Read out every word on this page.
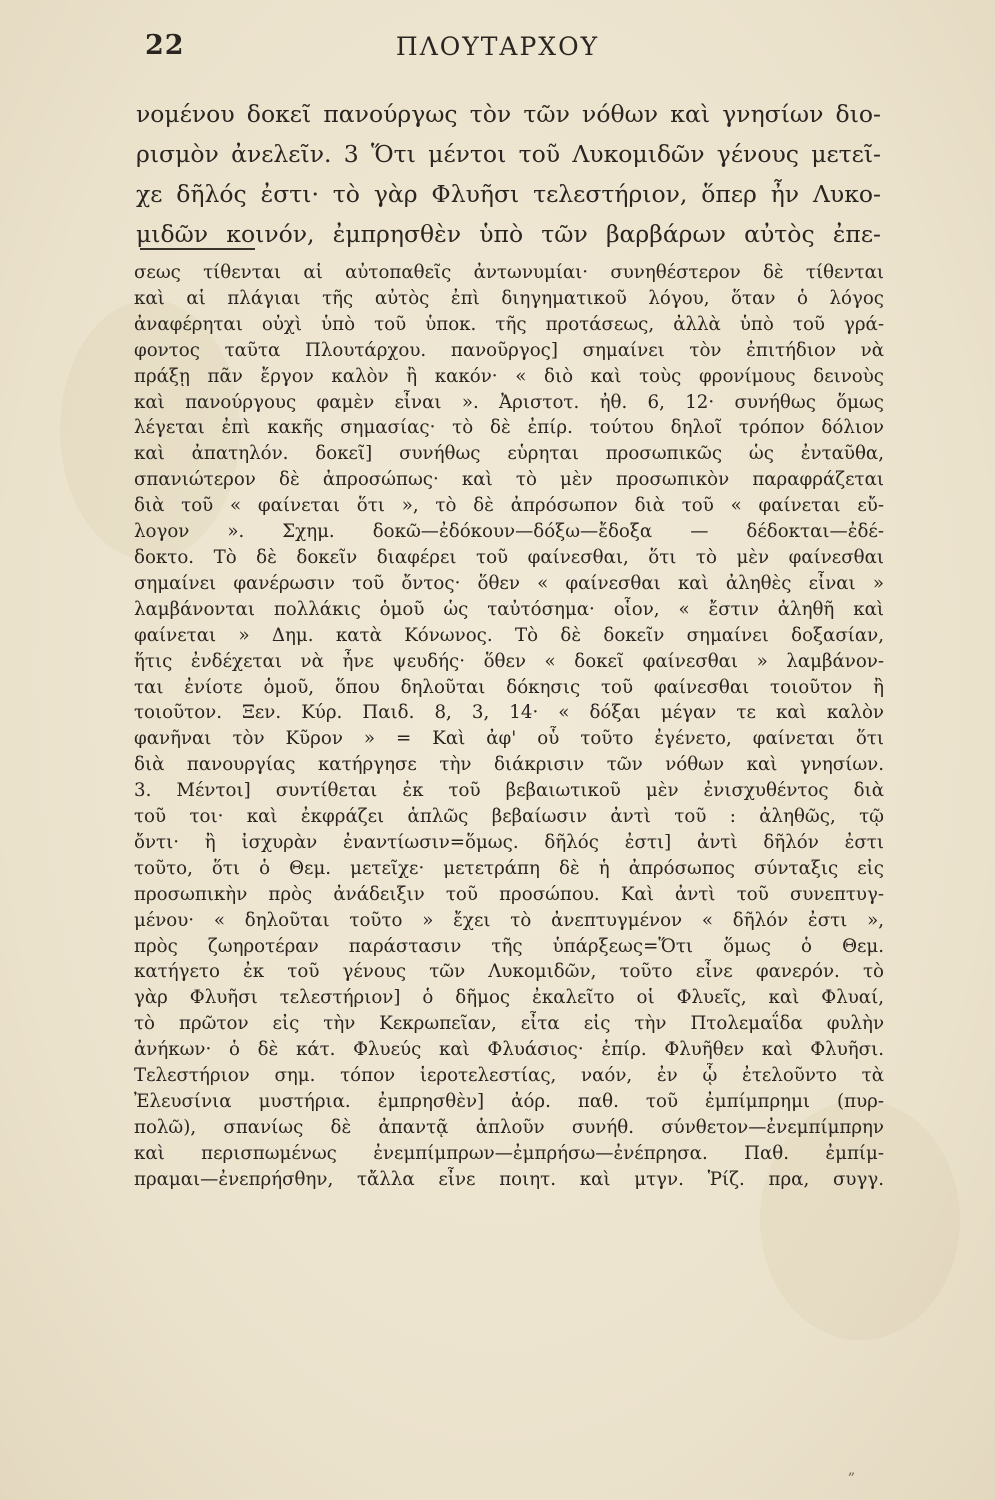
22	ΠΛΟΥΤΑΡΧΟΥ
νομένου δοκεῖ πανούργως τὸν τῶν νόθων καὶ γνησίων διο-
ρισμὸν ἀνελεῖν. 3 Ὅτι μέντοι τοῦ Λυκομιδῶν γένους μετεῖ-
χε δῆλός ἐστι· τὸ γὰρ Φλυῆσι τελεστήριον, ὅπερ ἦν Λυκο-
μιδῶν κοινόν, ἐμπρησθὲν ὑπὸ τῶν βαρβάρων αὐτὸς ἐπε-
σεως τίθενται αἱ αὐτοπαθεῖς ἀντωνυμίαι· συνηθέστερον δὲ τίθενται
καὶ αἱ πλάγιαι τῆς αὐτὸς ἐπὶ διηγηματικοῦ λόγου, ὅταν ὁ λόγος
ἀναφέρηται οὐχὶ ὑπὸ τοῦ ὑποκ. τῆς προτάσεως, ἀλλὰ ὑπὸ τοῦ γρά-
φοντος ταῦτα Πλουτάρχου. πανοῦργος] σημαίνει τὸν ἐπιτήδιον νὰ
πράξῃ πᾶν ἔργον καλὸν ἢ κακόν· « διὸ καὶ τοὺς φρονίμους δεινοὺς
καὶ πανούργους φαμὲν εἶναι ». Ἀριστοτ. ἠθ. 6, 12· συνήθως ὅμως
λέγεται ἐπὶ κακῆς σημασίας· τὸ δὲ ἐπίρ. τούτου δηλοῖ τρόπον δόλιον
καὶ ἀπατηλόν. δοκεῖ] συνήθως εὑρηται προσωπικῶς ὡς ἐνταῦθα,
σπανιώτερον δὲ ἀπροσώπως· καὶ τὸ μὲν προσωπικὸν παραφράζεται
διὰ τοῦ « φαίνεται ὅτι », τὸ δὲ ἀπρόσωπον διὰ τοῦ « φαίνεται εὔ-
λογον ». Σχημ. δοκῶ—ἐδόκουν—δόξω—ἔδοξα — δέδοκται—ἐδέ-
δοκτο. Τὸ δὲ δοκεῖν διαφέρει τοῦ φαίνεσθαι, ὅτι τὸ μὲν φαίνεσθαι
σημαίνει φανέρωσιν τοῦ ὄντος· ὅθεν « φαίνεσθαι καὶ ἀληθὲς εἶναι »
λαμβάνονται πολλάκις ὁμοῦ ὡς ταὐτόσημα· οἷον, « ἔστιν ἀληθῆ καὶ
φαίνεται » Δημ. κατὰ Κόνωνος. Τὸ δὲ δοκεῖν σημαίνει δοξασίαν,
ἥτις ἐνδέχεται νὰ ἦνε ψευδής· ὅθεν « δοκεῖ φαίνεσθαι » λαμβάνον-
ται ἐνίοτε ὁμοῦ, ὅπου δηλοῦται δόκησις τοῦ φαίνεσθαι τοιοῦτον ἢ
τοιοῦτον. Ξεν. Κύρ. Παιδ. 8, 3, 14· « δόξαι μέγαν τε καὶ καλὸν
φανῆναι τὸν Κῦρον » = Καὶ ἀφ' οὗ τοῦτο ἐγένετο, φαίνεται ὅτι
διὰ πανουργίας κατήργησε τὴν διάκρισιν τῶν νόθων καὶ γνησίων.
3. Μέντοι] συντίθεται ἐκ τοῦ βεβαιωτικοῦ μὲν ἐνισχυθέντος διὰ
τοῦ τοι· καὶ ἐκφράζει ἁπλῶς βεβαίωσιν ἀντὶ τοῦ : ἀληθῶς, τῷ
ὄντι· ἢ ἰσχυρὰν ἐναντίωσιν=ὅμως. δῆλός ἐστι] ἀντὶ δῆλόν ἐστι
τοῦτο, ὅτι ὁ Θεμ. μετεῖχε· μετετράπη δὲ ἡ ἀπρόσωπος σύνταξις εἰς
προσωπικὴν πρὸς ἀνάδειξιν τοῦ προσώπου. Καὶ ἀντὶ τοῦ συνεπτυγ-
μένου· « δηλοῦται τοῦτο » ἔχει τὸ ἀνεπτυγμένον « δῆλόν ἐστι »,
πρὸς ζωηροτέραν παράστασιν τῆς ὑπάρξεως=Ὅτι ὅμως ὁ Θεμ.
κατήγετο ἐκ τοῦ γένους τῶν Λυκομιδῶν, τοῦτο εἶνε φανερόν. τὸ
γὰρ Φλυῆσι τελεστήριον] ὁ δῆμος ἐκαλεῖτο οἱ Φλυεῖς, καὶ Φλυαί,
τὸ πρῶτον εἰς τὴν Κεκρωπεῖαν, εἶτα εἰς τὴν Πτολεμαΐδα φυλὴν
ἀνήκων· ὁ δὲ κάτ. Φλυεύς καὶ Φλυάσιος· ἐπίρ. Φλυῆθεν καὶ Φλυῆσι.
Τελεστήριον σημ. τόπον ἱεροτελεστίας, ναόν, ἐν ᾧ ἐτελοῦντο τὰ
Ἐλευσίνια μυστήρια. ἐμπρησθὲν] ἀόρ. παθ. τοῦ ἐμπίμπρημι (πυρ-
πολῶ), σπανίως δὲ ἀπαντᾷ ἁπλοῦν συνήθ. σύνθετον—ἐνεμπίμπρην
καὶ περισπωμένως ἐνεμπίμπρων—ἐμπρήσω—ἐνέπρησα. Παθ. ἐμπίμ-
πραμαι—ἐνεπρήσθην, τἄλλα εἶνε ποιητ. καὶ μτγν. Ῥίζ. πρα, συγγ.
„
